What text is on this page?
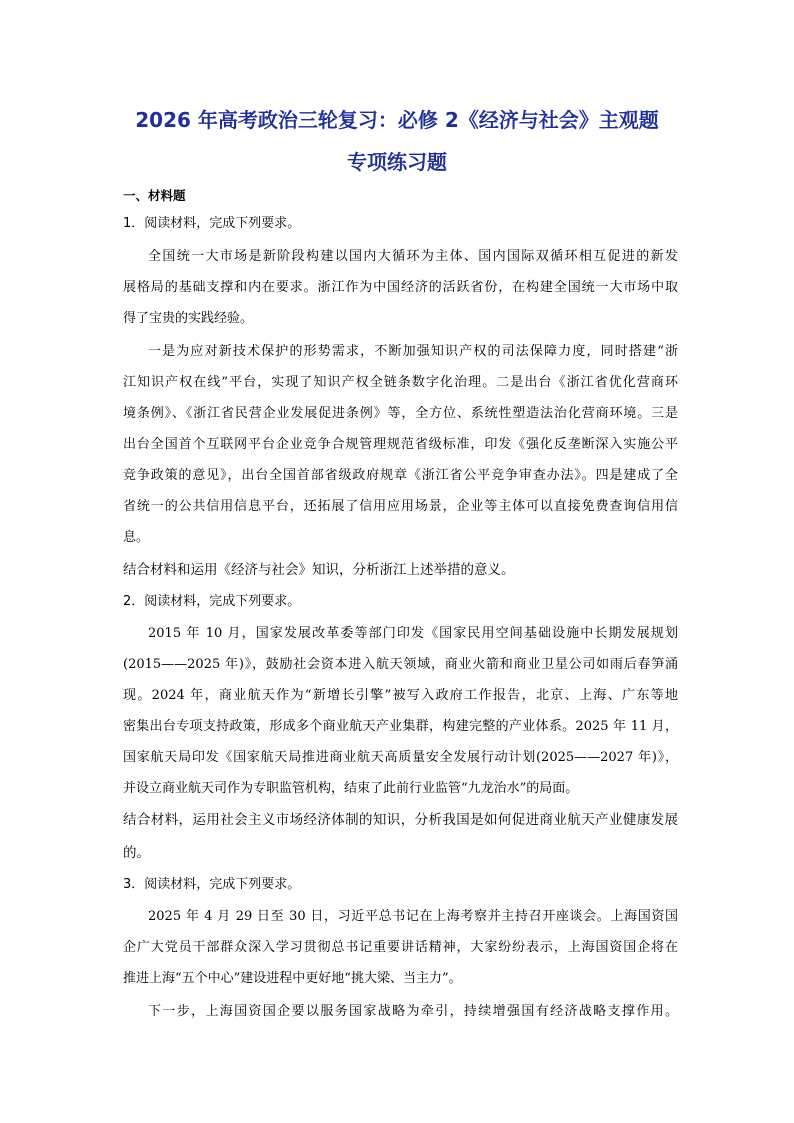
2026 年高考政治三轮复习：必修 2《经济与社会》主观题
专项练习题
一、材料题
1．阅读材料，完成下列要求。
全国统一大市场是新阶段构建以国内大循环为主体、国内国际双循环相互促进的新发
展格局的基础支撑和内在要求。浙江作为中国经济的活跃省份，在构建全国统一大市场中取
得了宝贵的实践经验。
一是为应对新技术保护的形势需求，不断加强知识产权的司法保障力度，同时搭建“浙
江知识产权在线”平台，实现了知识产权全链条数字化治理。二是出台《浙江省优化营商环
境条例》、《浙江省民营企业发展促进条例》等，全方位、系统性塑造法治化营商环境。三是
出台全国首个互联网平台企业竞争合规管理规范省级标准，印发《强化反垄断深入实施公平
竞争政策的意见》，出台全国首部省级政府规章《浙江省公平竞争审查办法》。四是建成了全
省统一的公共信用信息平台，还拓展了信用应用场景，企业等主体可以直接免费查询信用信
息。
结合材料和运用《经济与社会》知识，分析浙江上述举措的意义。
2．阅读材料，完成下列要求。
2015 年 10 月，国家发展改革委等部门印发《国家民用空间基础设施中长期发展规划
(2015——2025 年)》，鼓励社会资本进入航天领域，商业火箭和商业卫星公司如雨后春笋涌
现。2024 年，商业航天作为“新增长引擎”被写入政府工作报告，北京、上海、广东等地
密集出台专项支持政策，形成多个商业航天产业集群，构建完整的产业体系。2025 年 11 月，
国家航天局印发《国家航天局推进商业航天高质量安全发展行动计划(2025——2027 年)》，
并设立商业航天司作为专职监管机构，结束了此前行业监管“九龙治水”的局面。
结合材料，运用社会主义市场经济体制的知识，分析我国是如何促进商业航天产业健康发展
的。
3．阅读材料，完成下列要求。
2025 年 4 月 29 日至 30 日，习近平总书记在上海考察并主持召开座谈会。上海国资国
企广大党员干部群众深入学习贯彻总书记重要讲话精神，大家纷纷表示，上海国资国企将在
推进上海“五个中心”建设进程中更好地“挑大梁、当主力”。
下一步，上海国资国企要以服务国家战略为牵引，持续增强国有经济战略支撑作用。
